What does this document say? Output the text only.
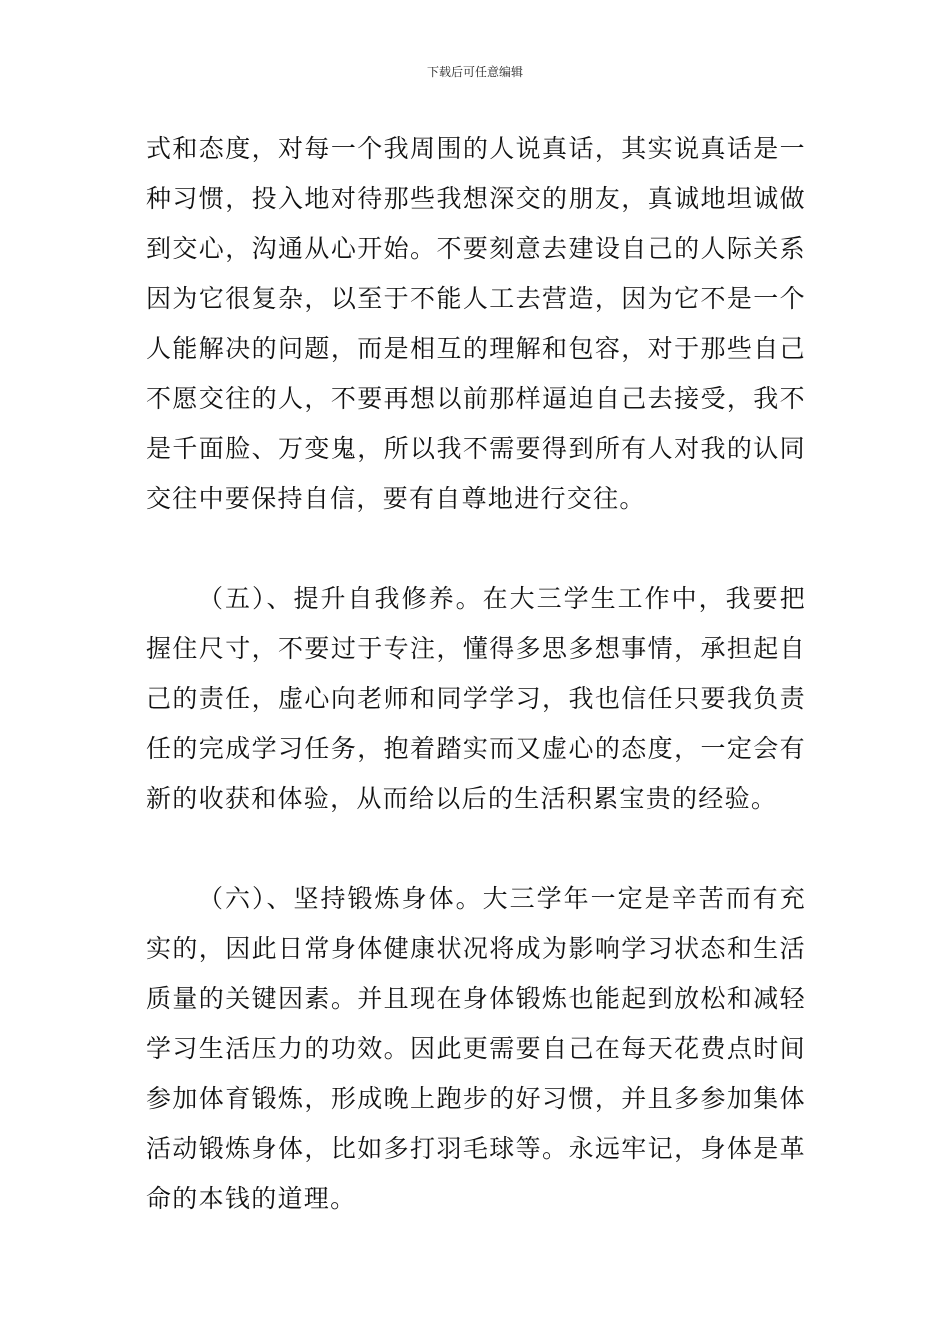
下载后可任意编辑

式和态度，对每一个我周围的人说真话，其实说真话是一种习惯，投入地对待那些我想深交的朋友，真诚地坦诚做到交心，沟通从心开始。不要刻意去建设自己的人际关系因为它很复杂，以至于不能人工去营造，因为它不是一个人能解决的问题，而是相互的理解和包容，对于那些自己不愿交往的人，不要再想以前那样逼迫自己去接受，我不是千面脸、万变鬼，所以我不需要得到所有人对我的认同交往中要保持自信，要有自尊地进行交往。

（五）、提升自我修养。在大三学生工作中，我要把握住尺寸，不要过于专注，懂得多思多想事情，承担起自己的责任，虚心向老师和同学学习，我也信任只要我负责任的完成学习任务，抱着踏实而又虚心的态度，一定会有新的收获和体验，从而给以后的生活积累宝贵的经验。

（六）、坚持锻炼身体。大三学年一定是辛苦而有充实的，因此日常身体健康状况将成为影响学习状态和生活质量的关键因素。并且现在身体锻炼也能起到放松和减轻学习生活压力的功效。因此更需要自己在每天花费点时间参加体育锻炼，形成晚上跑步的好习惯，并且多参加集体活动锻炼身体，比如多打羽毛球等。永远牢记，身体是革命的本钱的道理。
